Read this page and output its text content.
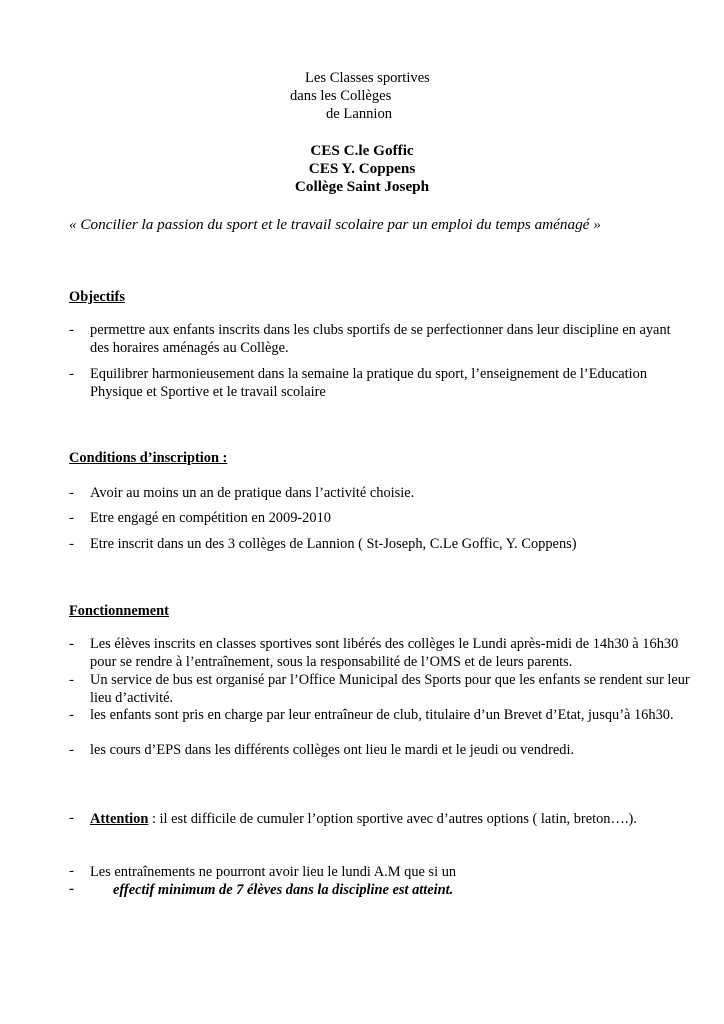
Les Classes sportives
dans les Collèges
de Lannion
CES C.le Goffic
CES Y. Coppens
Collège Saint Joseph
« Concilier la passion du sport et le travail scolaire par un emploi du temps aménagé »
Objectifs
- permettre aux enfants inscrits dans les clubs sportifs de se perfectionner dans leur discipline en ayant des horaires aménagés au Collège.
- Equilibrer harmonieusement dans la semaine la pratique du sport, l’enseignement de l’Education Physique et Sportive et le travail scolaire
Conditions d’inscription :
- Avoir au moins un an de pratique dans l’activité choisie.
- Etre engagé en compétition en 2009-2010
- Etre inscrit dans un des 3 collèges de Lannion ( St-Joseph, C.Le Goffic, Y. Coppens)
Fonctionnement
- Les élèves inscrits en classes sportives sont libérés des collèges le Lundi après-midi de 14h30 à 16h30 pour se rendre à l’entraînement, sous la responsabilité de l’OMS et de leurs parents.
- Un service de bus est organisé par l’Office Municipal des Sports pour que les enfants se rendent sur leur lieu d’activité.
- les enfants sont pris en charge par leur entraîneur de club, titulaire d’un Brevet d’Etat, jusqu’à 16h30.
- les cours d’EPS dans les différents collèges ont lieu le mardi et le jeudi ou vendredi.
- Attention : il est difficile de cumuler l’option sportive avec d’autres options ( latin, breton….).
- Les entraînements ne pourront avoir lieu le lundi A.M que si un
-	effectif minimum de 7 élèves dans la discipline est atteint.
